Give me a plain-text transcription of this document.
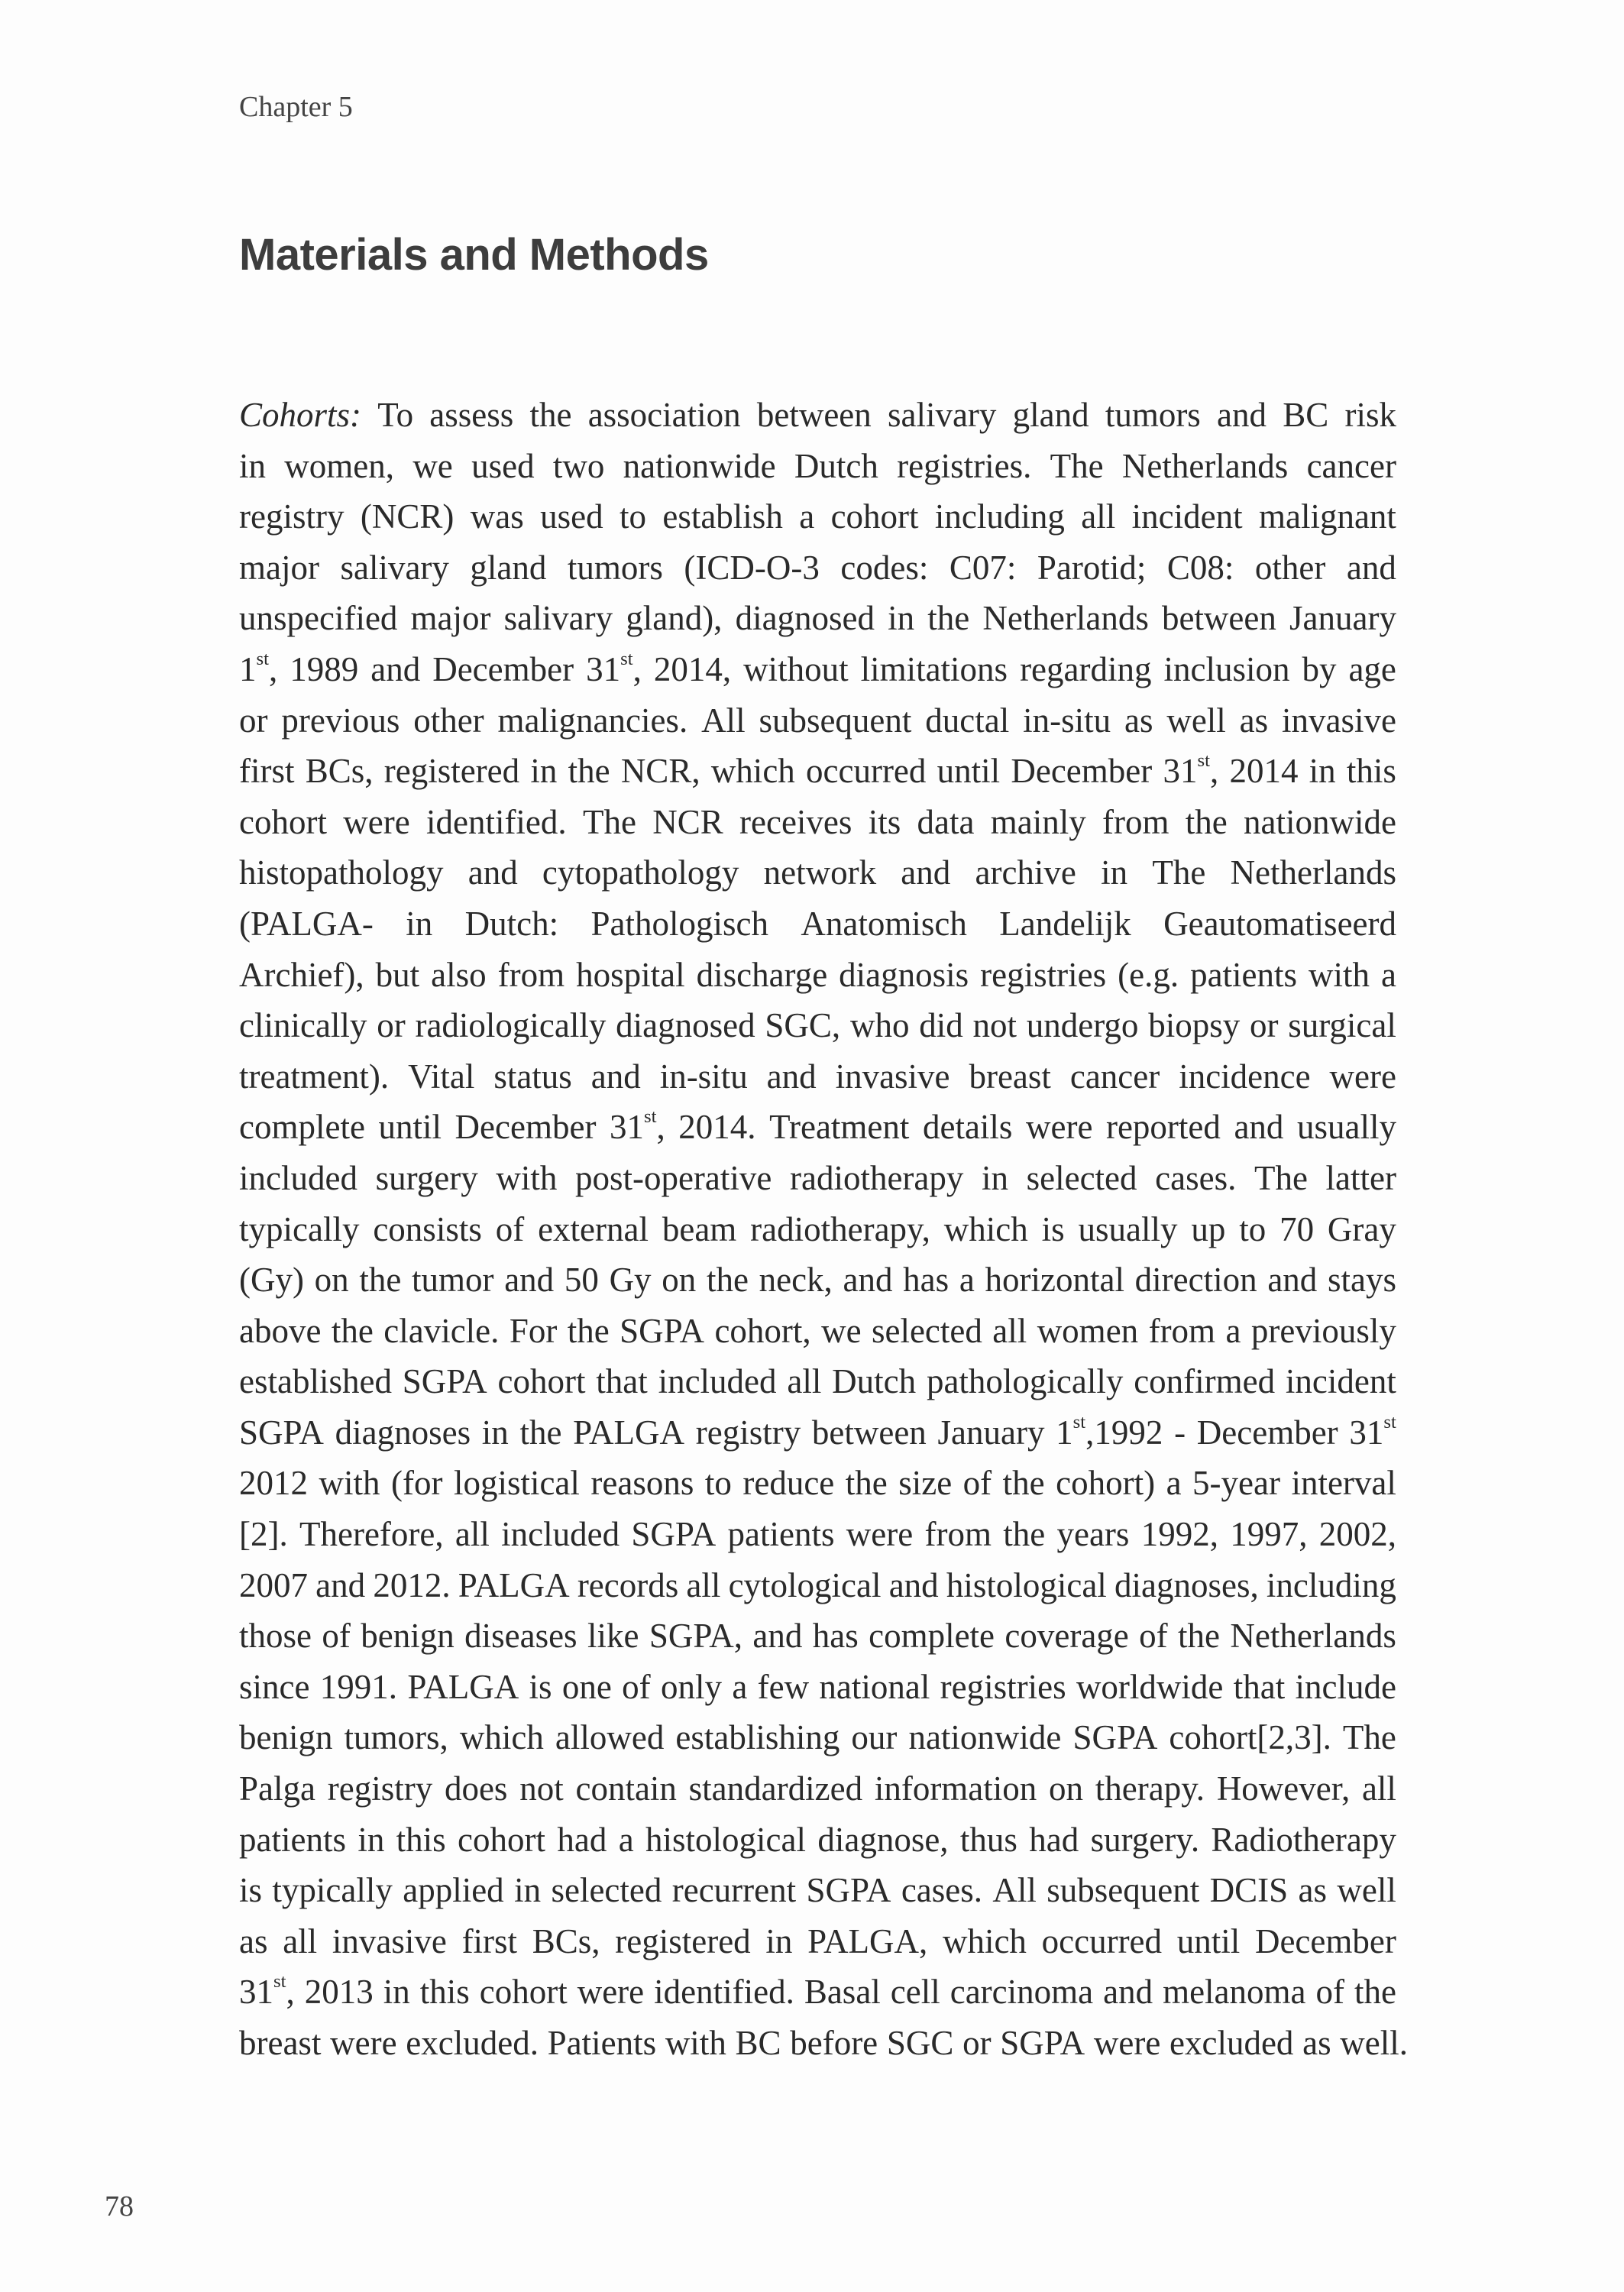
Chapter 5
Materials and Methods
Cohorts: To assess the association between salivary gland tumors and BC risk
in women, we used two nationwide Dutch registries. The Netherlands cancer
registry (NCR) was used to establish a cohort including all incident malignant
major salivary gland tumors (ICD-O-3 codes: C07: Parotid; C08: other and
unspecified major salivary gland), diagnosed in the Netherlands between January
1st, 1989 and December 31st, 2014, without limitations regarding inclusion by age
or previous other malignancies. All subsequent ductal in-situ as well as invasive
first BCs, registered in the NCR, which occurred until December 31st, 2014 in this
cohort were identified. The NCR receives its data mainly from the nationwide
histopathology and cytopathology network and archive in The Netherlands
(PALGA- in Dutch: Pathologisch Anatomisch Landelijk Geautomatiseerd
Archief), but also from hospital discharge diagnosis registries (e.g. patients with a
clinically or radiologically diagnosed SGC, who did not undergo biopsy or surgical
treatment). Vital status and in-situ and invasive breast cancer incidence were
complete until December 31st, 2014. Treatment details were reported and usually
included surgery with post-operative radiotherapy in selected cases. The latter
typically consists of external beam radiotherapy, which is usually up to 70 Gray
(Gy) on the tumor and 50 Gy on the neck, and has a horizontal direction and stays
above the clavicle. For the SGPA cohort, we selected all women from a previously
established SGPA cohort that included all Dutch pathologically confirmed incident
SGPA diagnoses in the PALGA registry between January 1st,1992 - December 31st
2012 with (for logistical reasons to reduce the size of the cohort) a 5-year interval
[2]. Therefore, all included SGPA patients were from the years 1992, 1997, 2002,
2007 and 2012. PALGA records all cytological and histological diagnoses, including
those of benign diseases like SGPA, and has complete coverage of the Netherlands
since 1991. PALGA is one of only a few national registries worldwide that include
benign tumors, which allowed establishing our nationwide SGPA cohort[2,3]. The
Palga registry does not contain standardized information on therapy. However, all
patients in this cohort had a histological diagnose, thus had surgery. Radiotherapy
is typically applied in selected recurrent SGPA cases. All subsequent DCIS as well
as all invasive first BCs, registered in PALGA, which occurred until December
31st, 2013 in this cohort were identified. Basal cell carcinoma and melanoma of the
breast were excluded. Patients with BC before SGC or SGPA were excluded as well.
78
